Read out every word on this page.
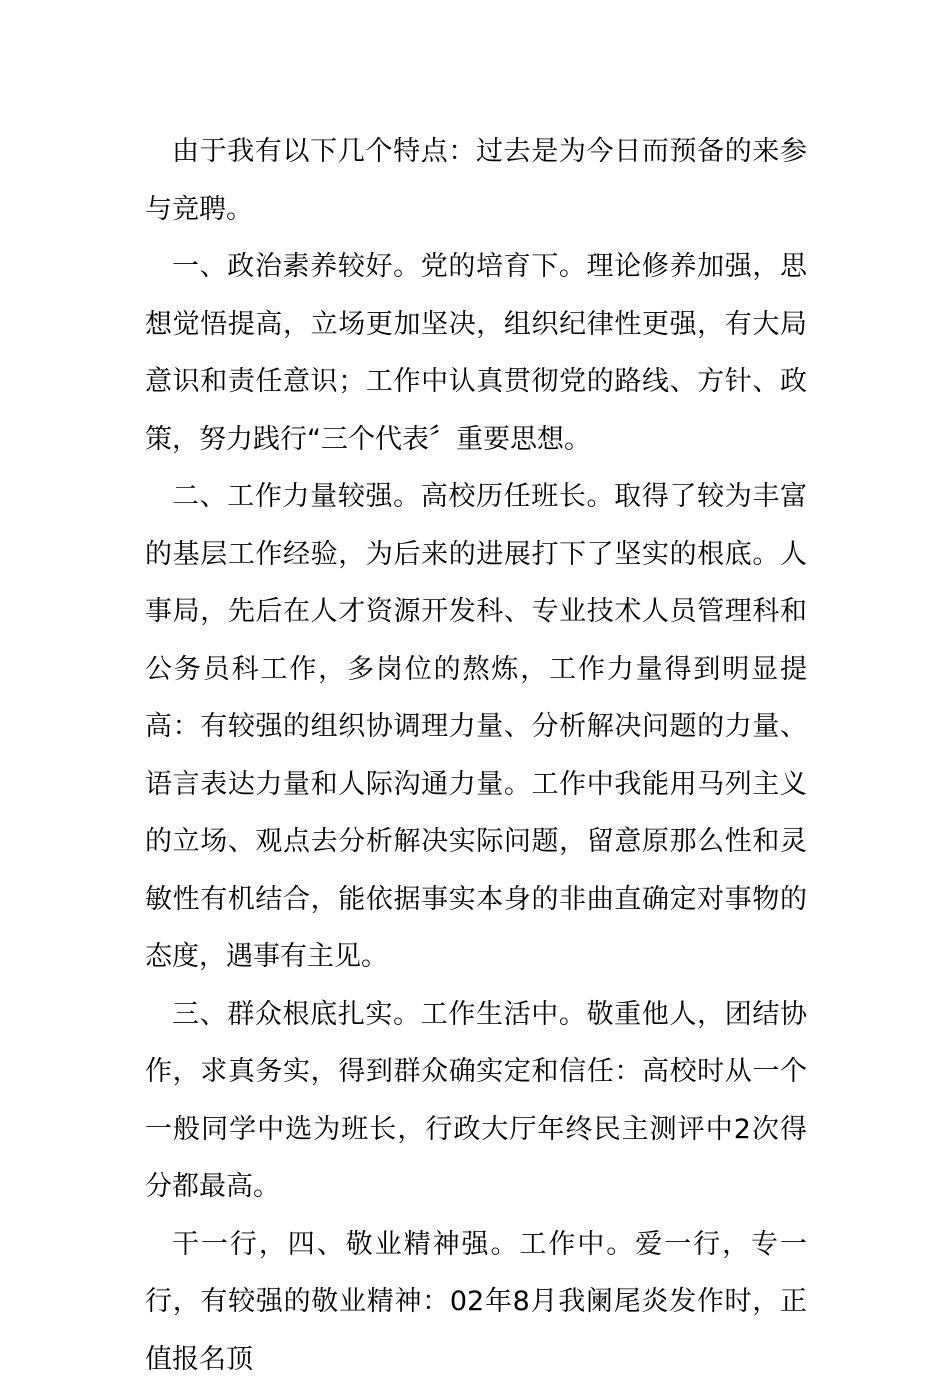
由于我有以下几个特点：过去是为今日而预备的来参与竞聘。

一、政治素养较好。党的培育下。理论修养加强，思想觉悟提高，立场更加坚决，组织纪律性更强，有大局意识和责任意识；工作中认真贯彻党的路线、方针、政策，努力践行“三个代表〞重要思想。

二、工作力量较强。高校历任班长。取得了较为丰富的基层工作经验，为后来的进展打下了坚实的根底。人事局，先后在人才资源开发科、专业技术人员管理科和公务员科工作，多岗位的熬炼，工作力量得到明显提高：有较强的组织协调理力量、分析解决问题的力量、语言表达力量和人际沟通力量。工作中我能用马列主义的立场、观点去分析解决实际问题，留意原那么性和灵敏性有机结合，能依据事实本身的非曲直确定对事物的态度，遇事有主见。

三、群众根底扎实。工作生活中。敬重他人，团结协作，求真务实，得到群众确实定和信任：高校时从一个一般同学中选为班长，行政大厅年终民主测评中2次得分都最高。

干一行，四、敬业精神强。工作中。爱一行，专一行，有较强的敬业精神：02年8月我阑尾炎发作时，正值报名顶
